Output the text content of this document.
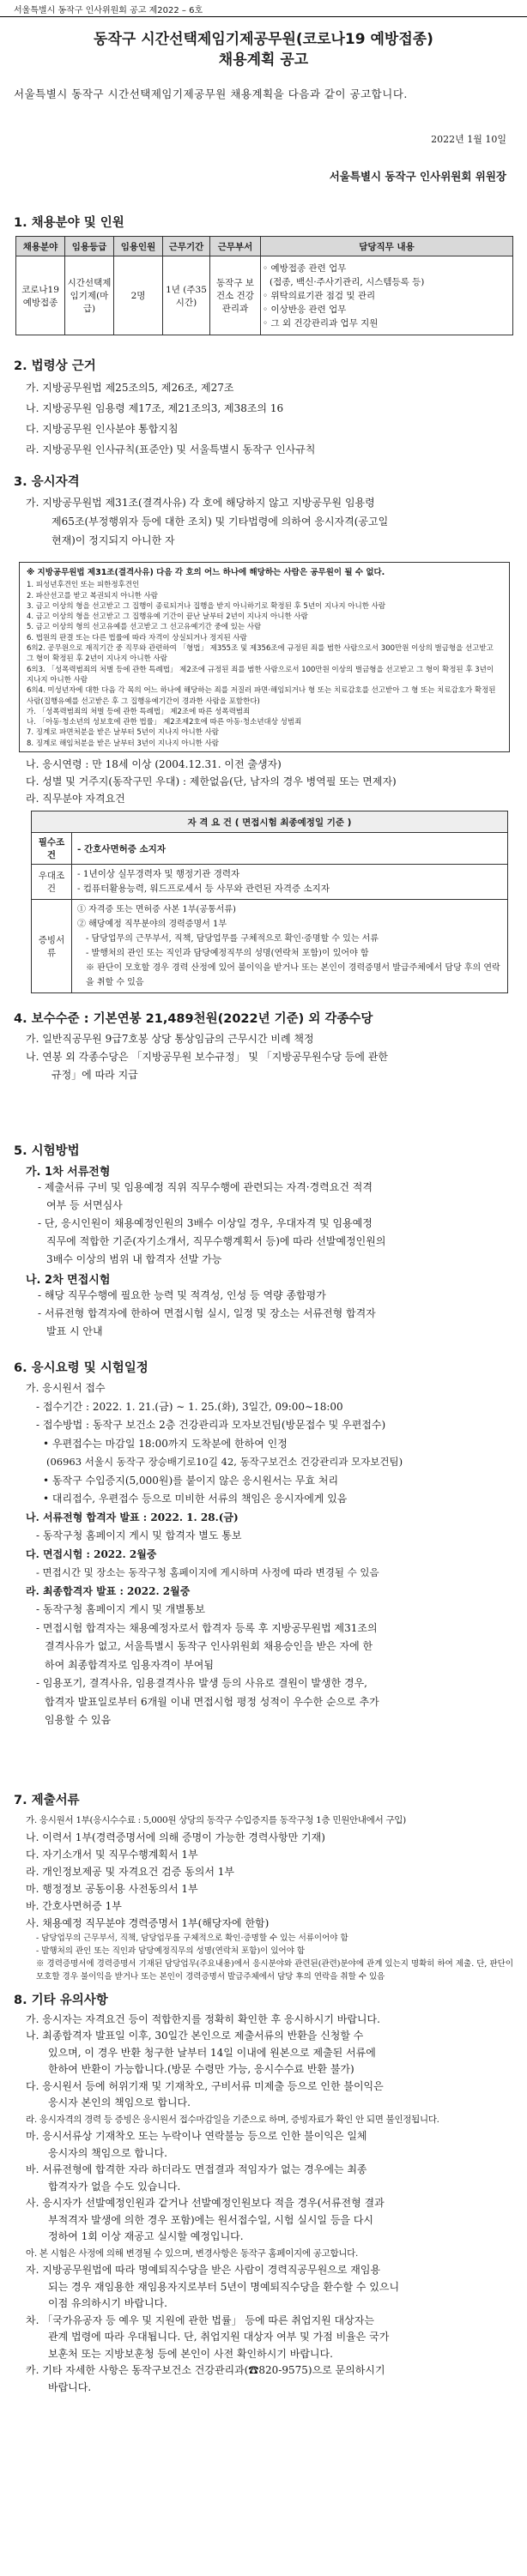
서울특별시 동작구 인사위원회 공고 제2022 – 6호
동작구 시간선택제임기제공무원(코로나19 예방접종)
채용계획 공고
서울특별시 동작구 시간선택제임기제공무원 채용계획을 다음과 같이 공고합니다.
2022년 1월 10일
서울특별시 동작구 인사위원회 위원장
1. 채용분야 및 인원
채용분야	임용등급	임용인원	근무기간	근무부서	담당직무 내용
코로나19 예방접종	시간선택제임기제(마급)	2명	1년 (주35시간)	동작구 보건소 건강관리과	◦ 예방접종 관련 업무
(접종, 백신·주사기관리, 시스템등록 등)
◦ 위탁의료기관 점검 및 관리
◦ 이상반응 관련 업무
◦ 그 외 건강관리과 업무 지원
2. 법령상 근거
가. 지방공무원법 제25조의5, 제26조, 제27조
나. 지방공무원 임용령 제17조, 제21조의3, 제38조의 16
다. 지방공무원 인사분야 통합지침
라. 지방공무원 인사규칙(표준안) 및 서울특별시 동작구 인사규칙
3. 응시자격
가. 지방공무원법 제31조(결격사유) 각 호에 해당하지 않고 지방공무원 임용령
제65조(부정행위자 등에 대한 조치) 및 기타법령에 의하여 응시자격(공고일
현재)이 정지되지 아니한 자
※ 지방공무원법 제31조(결격사유) 다음 각 호의 어느 하나에 해당하는 사람은 공무원이 될 수 없다.
1. 피성년후견인 또는 피한정후견인
2. 파산선고를 받고 복권되지 아니한 사람
3. 금고 이상의 형을 선고받고 그 집행이 종료되거나 집행을 받지 아니하기로 확정된 후 5년이 지나지 아니한 사람
4. 금고 이상의 형을 선고받고 그 집행유예 기간이 끝난 날부터 2년이 지나지 아니한 사람
5. 금고 이상의 형의 선고유예를 선고받고 그 선고유예기간 중에 있는 사람
6. 법원의 판결 또는 다른 법률에 따라 자격이 상실되거나 정지된 사람
6의2. 공무원으로 재직기간 중 직무와 관련하여 「형법」 제355조 및 제356조에 규정된 죄를 범한 사람으로서 300만원 이상의 벌금형을 선고받고 그 형이 확정된 후 2년이 지나지 아니한 사람
6의3. 「성폭력범죄의 처벌 등에 관한 특례법」 제2조에 규정된 죄를 범한 사람으로서 100만원 이상의 벌금형을 선고받고 그 형이 확정된 후 3년이 지나지 아니한 사람
6의4. 미성년자에 대한 다음 각 목의 어느 하나에 해당하는 죄를 저질러 파면·해임되거나 형 또는 치료감호를 선고받아 그 형 또는 치료감호가 확정된 사람(집행유예를 선고받은 후 그 집행유예기간이 경과한 사람을 포함한다)
가. 「성폭력범죄의 처벌 등에 관한 특례법」 제2조에 따른 성폭력범죄
나. 「아동·청소년의 성보호에 관한 법률」 제2조제2호에 따른 아동·청소년대상 성범죄
7. 징계로 파면처분을 받은 날부터 5년이 지나지 아니한 사람
8. 징계로 해임처분을 받은 날부터 3년이 지나지 아니한 사람
나. 응시연령 : 만 18세 이상 (2004.12.31. 이전 출생자)
다. 성별 및 거주지(동작구민 우대) : 제한없음(단, 남자의 경우 병역필 또는 면제자)
라. 직무분야 자격요건
자 격 요 건 ( 면접시험 최종예정일 기준 )	
필수조건	- 간호사면허증 소지자
우대조건	- 1년이상 실무경력자 및 행정기관 경력자
- 컴퓨터활용능력, 워드프로세서 등 사무와 관련된 자격증 소지자

증빙서류	① 자격증 또는 면허증 사본 1부(공통서류)
② 해당예정 직무분야의 경력증명서 1부
- 담당업무의 근무부서, 직책, 담당업무를 구체적으로 확인·증명할 수 있는 서류
- 발행처의 관인 또는 직인과 담당예정직무의 성명(연락처 포함)이 있어야 함
※ 판단이 모호할 경우 경력 산정에 있어 불이익을 받거나 또는 본인이 경력증명서 발급주체에서 담당 후의 연락을 취할 수 있음
4. 보수수준 : 기본연봉 21,489천원(2022년 기준) 외 각종수당
가. 일반직공무원 9급7호봉 상당 통상임금의 근무시간 비례 책정
나. 연봉 외 각종수당은 「지방공무원 보수규정」 및 「지방공무원수당 등에 관한
규정」에 따라 지급
5. 시험방법
가. 1차 서류전형
- 제출서류 구비 및 임용예정 직위 직무수행에 관련되는 자격·경력요건 적격
여부 등 서면심사
- 단, 응시인원이 채용예정인원의 3배수 이상일 경우, 우대자격 및 임용예정
직무에 적합한 기준(자기소개서, 직무수행계획서 등)에 따라 선발예정인원의
3배수 이상의 범위 내 합격자 선발 가능
나. 2차 면접시험
- 해당 직무수행에 필요한 능력 및 적격성, 인성 등 역량 종합평가
- 서류전형 합격자에 한하여 면접시험 실시, 일정 및 장소는 서류전형 합격자
발표 시 안내
6. 응시요령 및 시험일정
가. 응시원서 접수
- 접수기간 : 2022. 1. 21.(금) ∼ 1. 25.(화), 3일간, 09:00∼18:00
- 접수방법 : 동작구 보건소 2층 건강관리과 모자보건팀(방문접수 및 우편접수)
• 우편접수는 마감일 18:00까지 도착분에 한하여 인정
(06963 서울시 동작구 장승배기로10길 42, 동작구보건소 건강관리과 모자보건팀)
• 동작구 수입증지(5,000원)를 붙이지 않은 응시원서는 무효 처리
• 대리접수, 우편접수 등으로 미비한 서류의 책임은 응시자에게 있음
나. 서류전형 합격자 발표 : 2022. 1. 28.(금)
- 동작구청 홈페이지 게시 및 합격자 별도 통보
다. 면접시험 : 2022. 2월중
- 면접시간 및 장소는 동작구청 홈페이지에 게시하며 사정에 따라 변경될 수 있음
라. 최종합격자 발표 : 2022. 2월중
- 동작구청 홈페이지 게시 및 개별통보
- 면접시험 합격자는 채용예정자로서 합격자 등록 후 지방공무원법 제31조의
결격사유가 없고, 서울특별시 동작구 인사위원회 채용승인을 받은 자에 한
하여 최종합격자로 임용자격이 부여됨
- 임용포기, 결격사유, 임용결격사유 발생 등의 사유로 결원이 발생한 경우,
합격자 발표일로부터 6개월 이내 면접시험 평정 성적이 우수한 순으로 추가
임용할 수 있음
7. 제출서류
가. 응시원서 1부(응시수수료 : 5,000원 상당의 동작구 수입증지를 동작구청 1층 민원안내에서 구입)
나. 이력서 1부(경력증명서에 의해 증명이 가능한 경력사항만 기재)
다. 자기소개서 및 직무수행계획서 1부
라. 개인정보제공 및 자격요건 검증 동의서 1부
마. 행정정보 공동이용 사전동의서 1부
바. 간호사면허증 1부
사. 채용예정 직무분야 경력증명서 1부(해당자에 한함)
- 담당업무의 근무부서, 직책, 담당업무를 구체적으로 확인·증명할 수 있는 서류이어야 함
- 발행처의 관인 또는 직인과 담당예정직무의 성명(연락처 포함)이 있어야 함
※ 경력증명서에 경력증명서 기재된 담당업무(주요내용)에서 응시분야와 관련된(관련)분야에 관계 있는지 명확히 하여 제출. 단, 판단이 모호할 경우 불이익을 받거나 또는 본인이 경력증명서 발급주체에서 담당 후의 연락을 취할 수 있음
8. 기타 유의사항
가. 응시자는 자격요건 등이 적합한지를 정확히 확인한 후 응시하시기 바랍니다.
나. 최종합격자 발표일 이후, 30일간 본인으로 제출서류의 반환을 신청할 수
있으며, 이 경우 반환 청구한 날부터 14일 이내에 원본으로 제출된 서류에
한하여 반환이 가능합니다.(방문 수령만 가능, 응시수수료 반환 불가)
다. 응시원서 등에 허위기재 및 기재착오, 구비서류 미제출 등으로 인한 불이익은
응시자 본인의 책임으로 합니다.
라. 응시자격의 경력 등 증빙은 응시원서 접수마감일을 기준으로 하며, 증빙자료가 확인 안 되면 불인정됩니다.
마. 응시서류상 기재착오 또는 누락이나 연락불능 등으로 인한 불이익은 일체
응시자의 책임으로 합니다.
바. 서류전형에 합격한 자라 하더라도 면접결과 적임자가 없는 경우에는 최종
합격자가 없을 수도 있습니다.
사. 응시자가 선발예정인원과 같거나 선발예정인원보다 적을 경우(서류전형 결과
부적격자 발생에 의한 경우 포함)에는 원서접수일, 시험 실시일 등을 다시
정하여 1회 이상 재공고 실시할 예정입니다.
아. 본 시험은 사정에 의해 변경될 수 있으며, 변경사항은 동작구 홈페이지에 공고합니다.
자. 지방공무원법에 따라 명예퇴직수당을 받은 사람이 경력직공무원으로 재임용
되는 경우 재임용한 재임용자지로부터 5년이 명예퇴직수당을 환수할 수 있으니
이점 유의하시기 바랍니다.
차. 「국가유공자 등 예우 및 지원에 관한 법률」 등에 따른 취업지원 대상자는
관계 법령에 따라 우대됩니다. 단, 취업지원 대상자 여부 및 가점 비율은 국가
보훈처 또는 지방보훈청 등에 본인이 사전 확인하시기 바랍니다.
카. 기타 자세한 사항은 동작구보건소 건강관리과(☎820-9575)으로 문의하시기
바랍니다.
